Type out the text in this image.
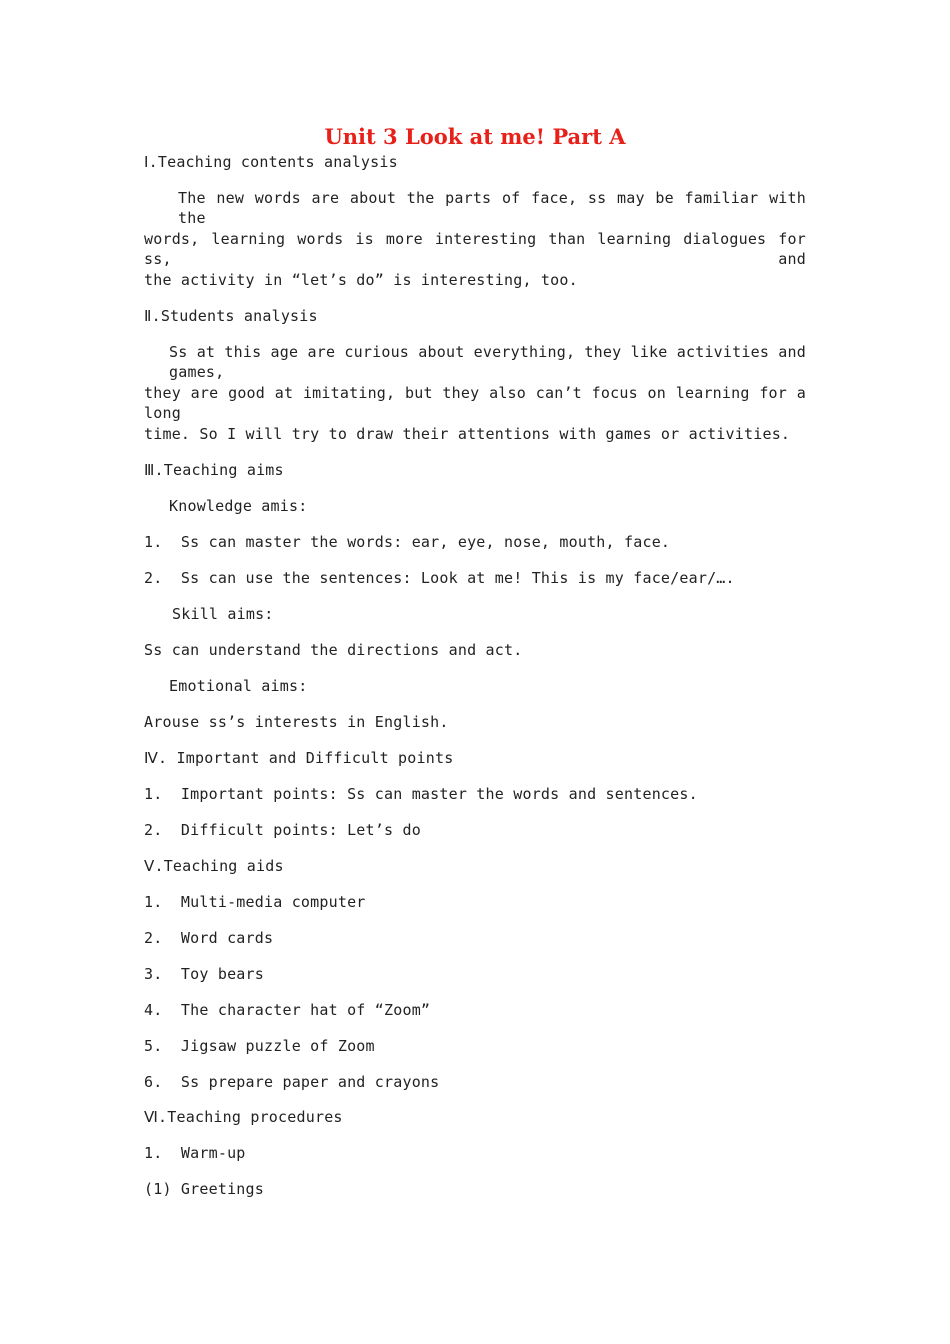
Unit 3 Look at me! Part A
Ⅰ.Teaching contents analysis
The new words are about the parts of face, ss may be familiar with the
words, learning words is more interesting than learning dialogues for ss, and
the activity in “let’s do” is interesting, too.
Ⅱ.Students analysis
Ss at this age are curious about everything, they like activities and games,
they are good at imitating, but they also can’t focus on learning for a long
time. So I will try to draw their attentions with games or activities.
Ⅲ.Teaching aims
Knowledge amis:
1.  Ss can master the words: ear, eye, nose, mouth, face.
2.  Ss can use the sentences: Look at me! This is my face/ear/….
Skill aims:
Ss can understand the directions and act.
Emotional aims:
Arouse ss’s interests in English.
Ⅳ. Important and Difficult points
1.  Important points: Ss can master the words and sentences.
2.  Difficult points: Let’s do
Ⅴ.Teaching aids
1.  Multi-media computer
2.  Word cards
3.  Toy bears
4.  The character hat of “Zoom”
5.  Jigsaw puzzle of Zoom
6.  Ss prepare paper and crayons
Ⅵ.Teaching procedures
1.  Warm-up
(1) Greetings
